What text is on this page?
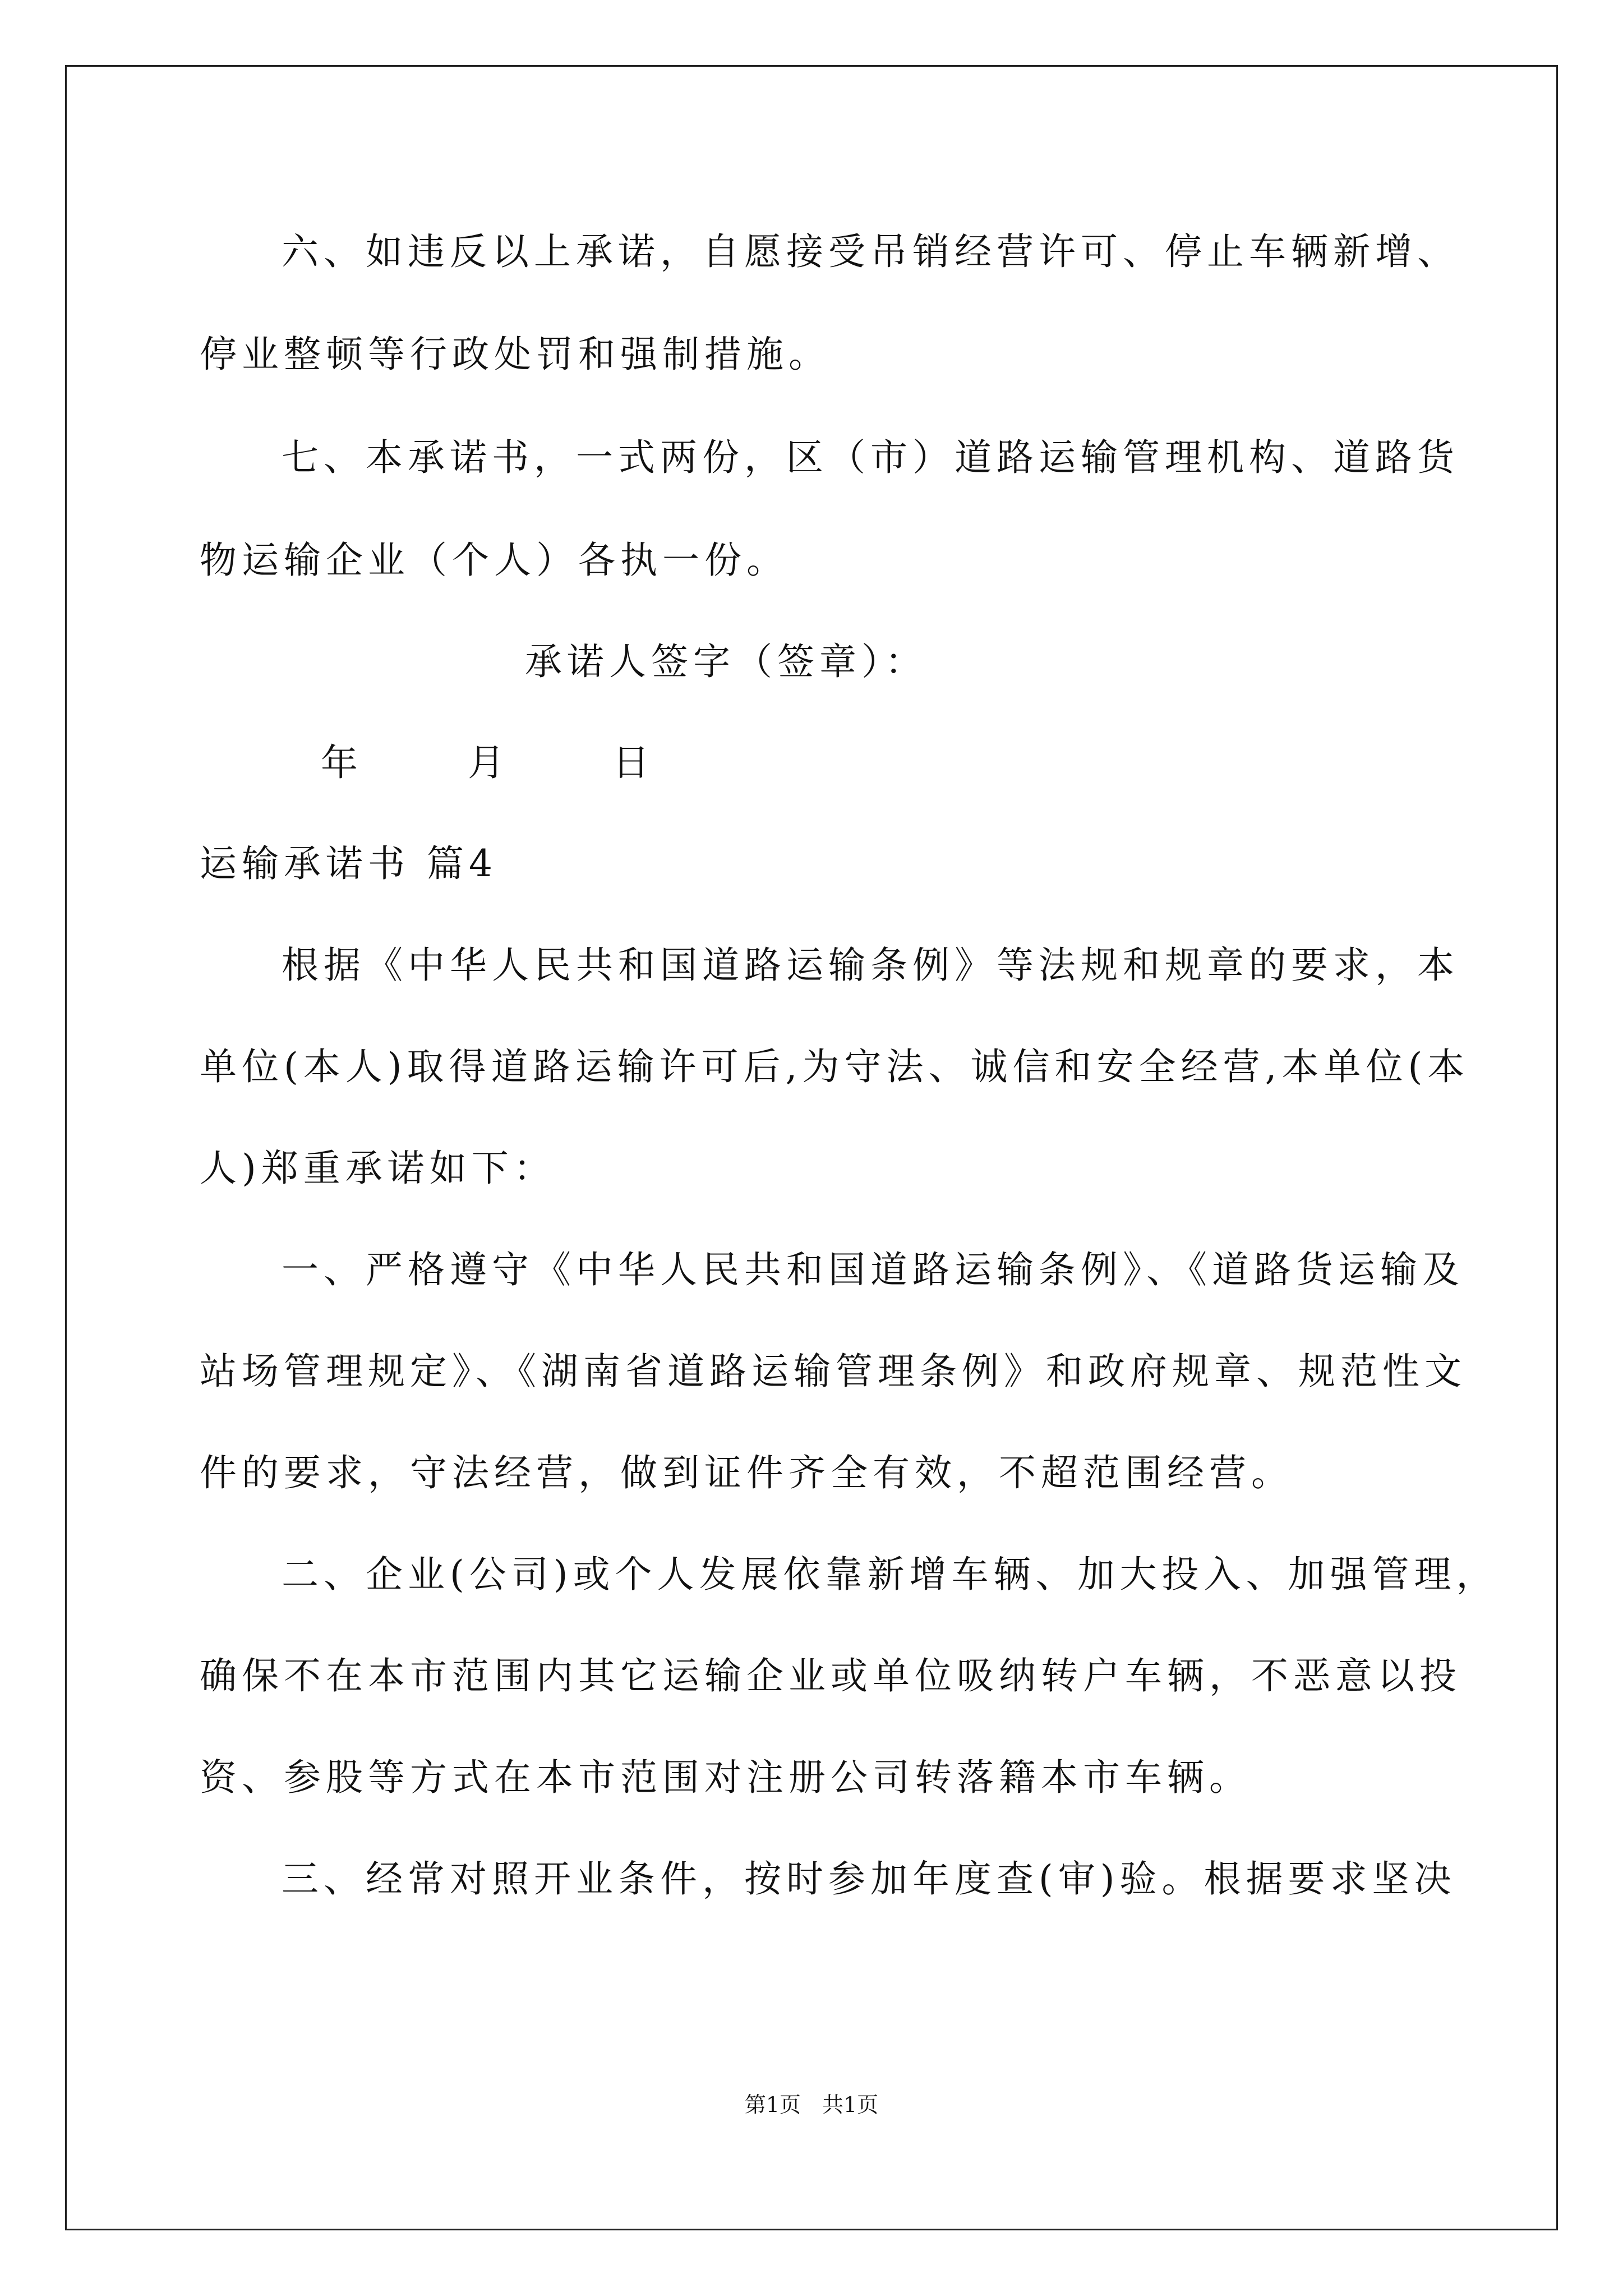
六、如违反以上承诺，自愿接受吊销经营许可、停止车辆新增、
停业整顿等行政处罚和强制措施。
七、本承诺书，一式两份，区（市）道路运输管理机构、道路货
物运输企业（个人）各执一份。
承诺人签字（签章）：
年	月	日
运输承诺书 篇4
根据《中华人民共和国道路运输条例》等法规和规章的要求，本
单位(本人)取得道路运输许可后,为守法、诚信和安全经营,本单位(本
人)郑重承诺如下：
一、严格遵守《中华人民共和国道路运输条例》、《道路货运输及
站场管理规定》、《湖南省道路运输管理条例》和政府规章、规范性文
件的要求，守法经营，做到证件齐全有效，不超范围经营。
二、企业(公司)或个人发展依靠新增车辆、加大投入、加强管理，
确保不在本市范围内其它运输企业或单位吸纳转户车辆，不恶意以投
资、参股等方式在本市范围对注册公司转落籍本市车辆。
三、经常对照开业条件，按时参加年度查(审)验。根据要求坚决
第1页　共1页
